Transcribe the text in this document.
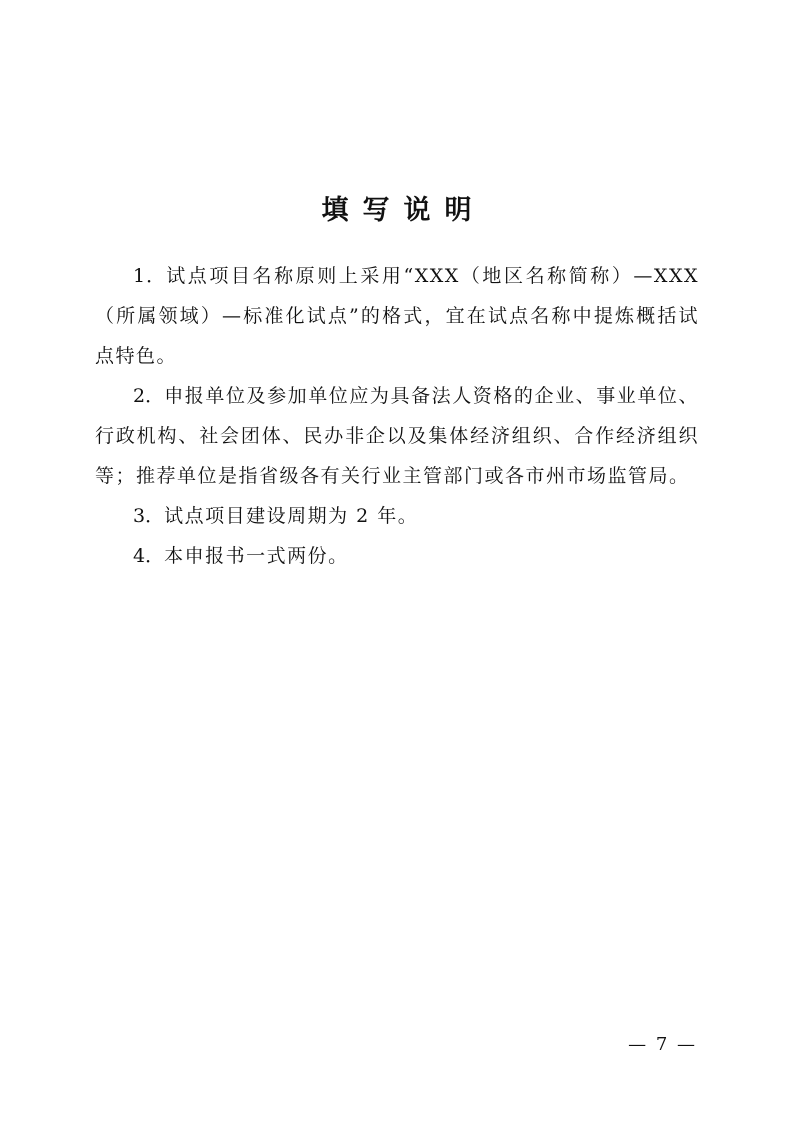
填写说明

1．试点项目名称原则上采用“XXX（地区名称简称）—XXX（所属领域）—标准化试点”的格式，宜在试点名称中提炼概括试点特色。

2．申报单位及参加单位应为具备法人资格的企业、事业单位、行政机构、社会团体、民办非企以及集体经济组织、合作经济组织等；推荐单位是指省级各有关行业主管部门或各市州市场监管局。

3．试点项目建设周期为 2 年。

4．本申报书一式两份。

— 7 —
